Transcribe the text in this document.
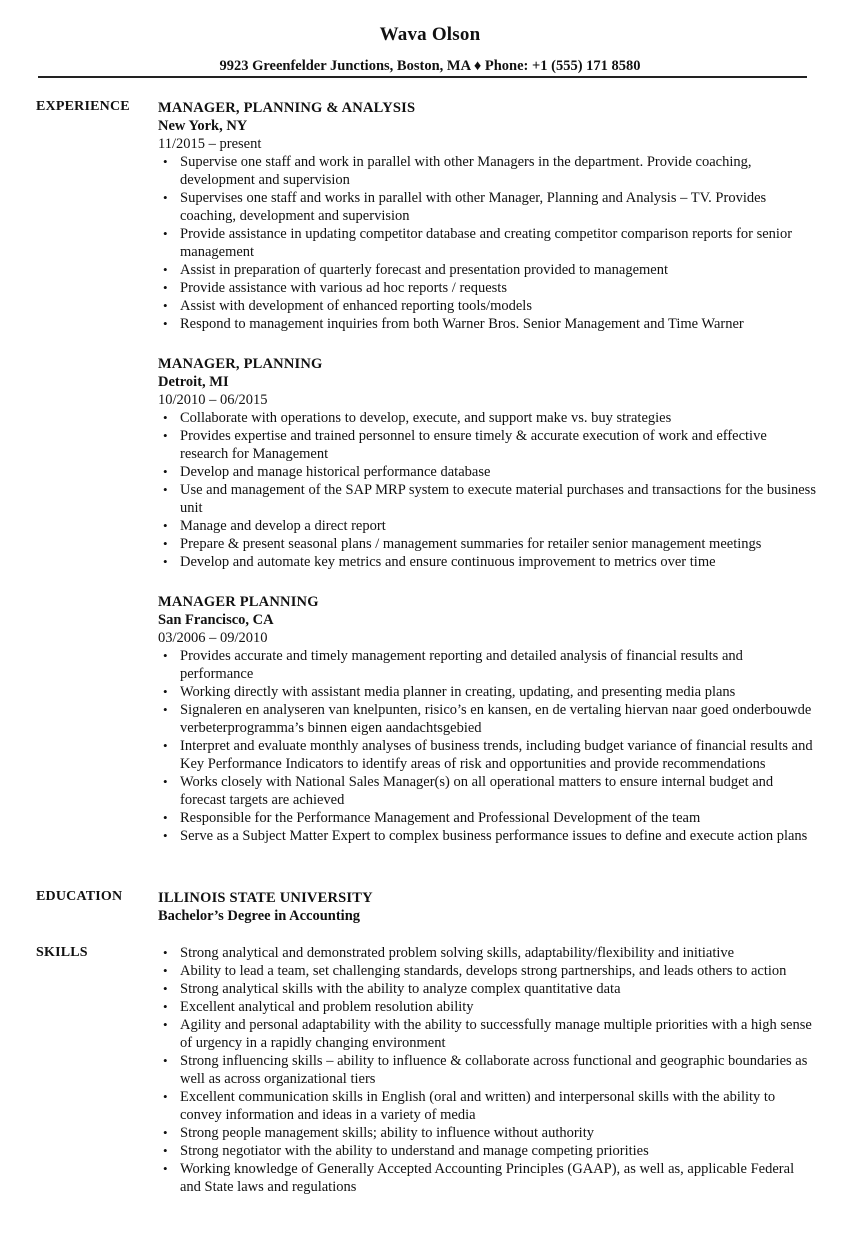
Wava Olson
9923 Greenfelder Junctions, Boston, MA ♦ Phone: +1 (555) 171 8580
EXPERIENCE MANAGER, PLANNING & ANALYSIS
New York, NY
11/2015 – present
• Supervise one staff and work in parallel with other Managers in the department. Provide coaching, development and supervision
• Supervises one staff and works in parallel with other Manager, Planning and Analysis – TV. Provides coaching, development and supervision
• Provide assistance in updating competitor database and creating competitor comparison reports for senior management
• Assist in preparation of quarterly forecast and presentation provided to management
• Provide assistance with various ad hoc reports / requests
• Assist with development of enhanced reporting tools/models
• Respond to management inquiries from both Warner Bros. Senior Management and Time Warner
MANAGER, PLANNING
Detroit, MI
10/2010 – 06/2015
• Collaborate with operations to develop, execute, and support make vs. buy strategies
• Provides expertise and trained personnel to ensure timely & accurate execution of work and effective research for Management
• Develop and manage historical performance database
• Use and management of the SAP MRP system to execute material purchases and transactions for the business unit
• Manage and develop a direct report
• Prepare & present seasonal plans / management summaries for retailer senior management meetings
• Develop and automate key metrics and ensure continuous improvement to metrics over time
MANAGER PLANNING
San Francisco, CA
03/2006 – 09/2010
• Provides accurate and timely management reporting and detailed analysis of financial results and performance
• Working directly with assistant media planner in creating, updating, and presenting media plans
• Signaleren en analyseren van knelpunten, risico’s en kansen, en de vertaling hiervan naar goed onderbouwde verbeterprogramma’s binnen eigen aandachtsgebied
• Interpret and evaluate monthly analyses of business trends, including budget variance of financial results and Key Performance Indicators to identify areas of risk and opportunities and provide recommendations
• Works closely with National Sales Manager(s) on all operational matters to ensure internal budget and forecast targets are achieved
• Responsible for the Performance Management and Professional Development of the team
• Serve as a Subject Matter Expert to complex business performance issues to define and execute action plans
EDUCATION ILLINOIS STATE UNIVERSITY
Bachelor’s Degree in Accounting
SKILLS
•	Strong analytical and demonstrated problem solving skills, adaptability/flexibility and initiative
• Ability to lead a team, set challenging standards, develops strong partnerships, and leads others to action
• Strong analytical skills with the ability to analyze complex quantitative data
• Excellent analytical and problem resolution ability
• Agility and personal adaptability with the ability to successfully manage multiple priorities with a high sense of urgency in a rapidly changing environment
• Strong influencing skills – ability to influence & collaborate across functional and geographic boundaries as well as across organizational tiers
• Excellent communication skills in English (oral and written) and interpersonal skills with the ability to convey information and ideas in a variety of media
• Strong people management skills; ability to influence without authority
• Strong negotiator with the ability to understand and manage competing priorities
• Working knowledge of Generally Accepted Accounting Principles (GAAP), as well as, applicable Federal and State laws and regulations
